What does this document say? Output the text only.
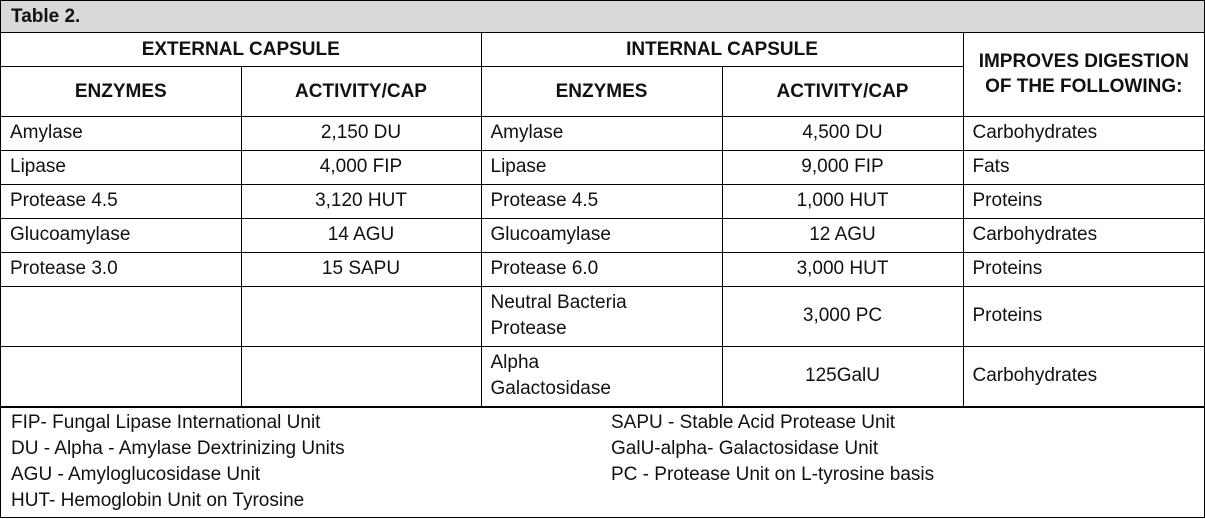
Table 2.
EXTERNAL CAPSULE		INTERNAL CAPSULE		IMPROVES DIGESTION OF THE FOLLOWING:
ENZYMES	ACTIVITY/CAP	ENZYMES	ACTIVITY/CAP	
Amylase	2,150 DU	Amylase	4,500 DU	Carbohydrates
Lipase	4,000 FIP	Lipase	9,000 FIP	Fats
Protease 4.5	3,120 HUT	Protease 4.5	1,000 HUT	Proteins
Glucoamylase	14 AGU	Glucoamylase	12 AGU	Carbohydrates
Protease 3.0	15 SAPU	Protease 6.0	3,000 HUT	Proteins
		Neutral Bacteria Protease	3,000 PC	Proteins
		Alpha Galactosidase	125GalU	Carbohydrates
FIP- Fungal Lipase International Unit
DU - Alpha - Amylase Dextrinizing Units
AGU - Amyloglucosidase Unit
HUT- Hemoglobin Unit on Tyrosine
SAPU - Stable Acid Protease Unit
GalU-alpha- Galactosidase Unit
PC - Protease Unit on L-tyrosine basis
